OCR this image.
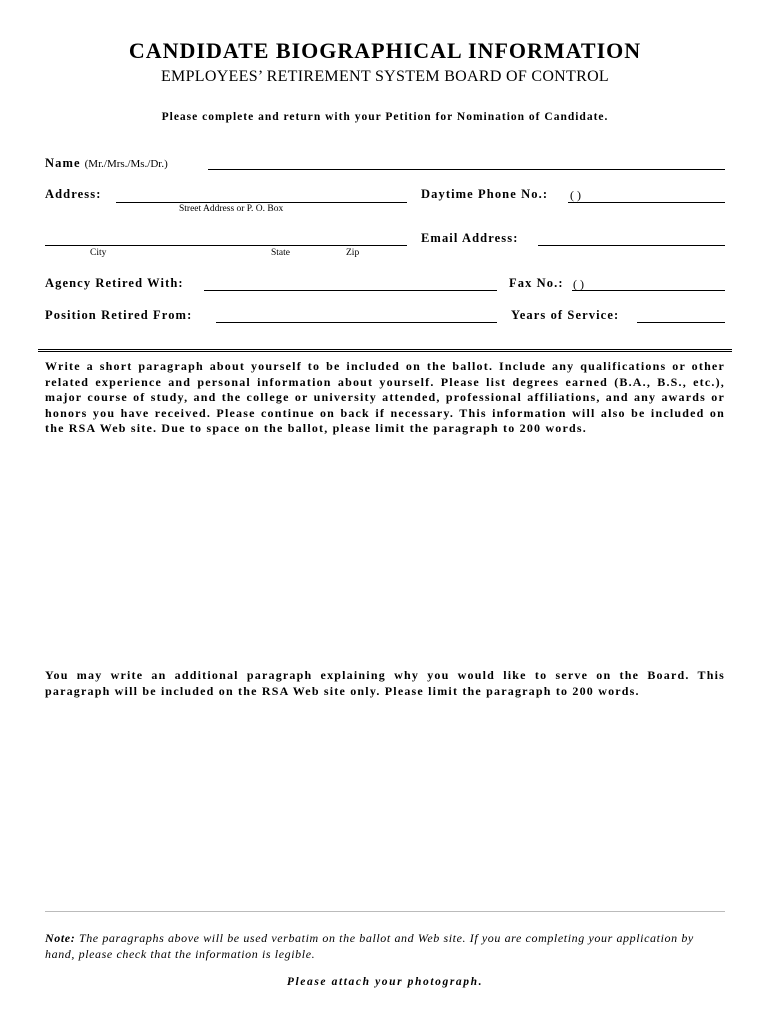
CANDIDATE BIOGRAPHICAL INFORMATION
EMPLOYEES’ RETIREMENT SYSTEM BOARD OF CONTROL
Please complete and return with your Petition for Nomination of Candidate.
Name (Mr./Mrs./Ms./Dr.)
Address:
Street Address or P. O. Box
Daytime Phone No.: ( )
City	State	Zip
Email Address:
Agency Retired With:	Fax No.: ( )
Position Retired From:	Years of Service:
Write a short paragraph about yourself to be included on the ballot. Include any qualifications or other related experience and personal information about yourself. Please list degrees earned (B.A., B.S., etc.), major course of study, and the college or university attended, professional affiliations, and any awards or honors you have received. Please continue on back if necessary. This information will also be included on the RSA Web site. Due to space on the ballot, please limit the paragraph to 200 words.
You may write an additional paragraph explaining why you would like to serve on the Board. This paragraph will be included on the RSA Web site only. Please limit the paragraph to 200 words.
Note: The paragraphs above will be used verbatim on the ballot and Web site. If you are completing your application by hand, please check that the information is legible.
Please attach your photograph.
